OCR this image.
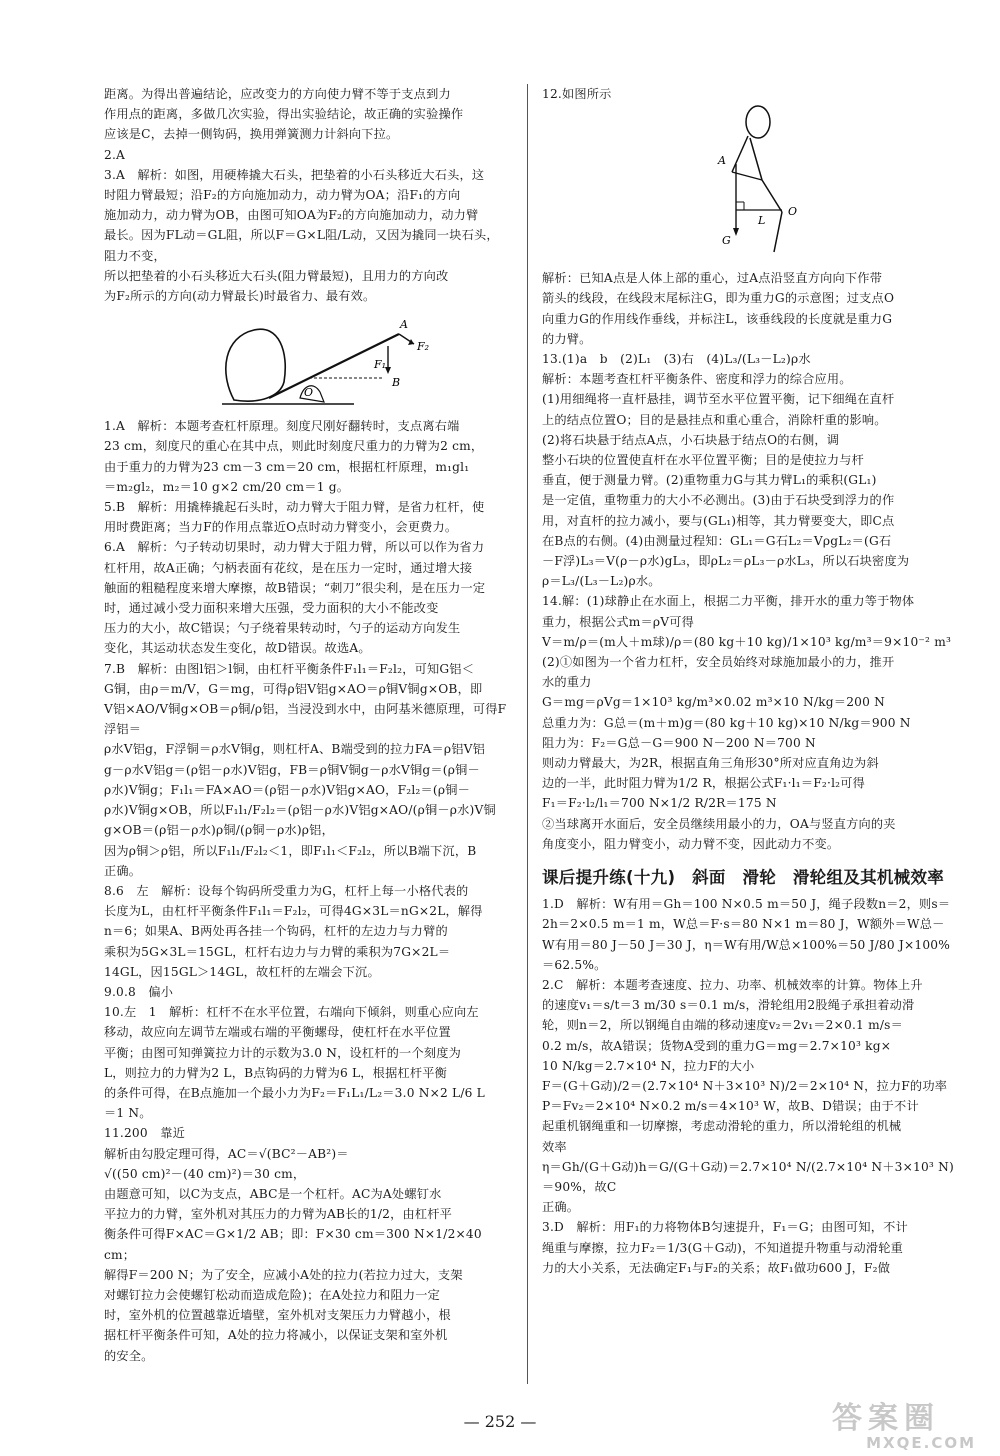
距离。为得出普遍结论，应改变力的方向使力臂不等于支点到力

作用点的距离，多做几次实验，得出实验结论，故正确的实验操作

应该是C，去掉一侧钩码，换用弹簧测力计斜向下拉。

2.A

3.A　解析：如图，用硬棒撬大石头，把垫着的小石头移近大石头，这

时阻力臂最短；沿F₂的方向施加动力，动力臂为OA；沿F₁的方向

施加动力，动力臂为OB，由图可知OA为F₂的方向施加动力，动力臂

最长。因为FL动＝GL阻，所以F＝G×L阻/L动，又因为撬同一块石头，

阻力不变，

所以把垫着的小石头移近大石头(阻力臂最短)，且用力的方向改

为F₂所示的方向(动力臂最长)时最省力、最有效。

A
F₂
F₁
B
O

1.A　解析：本题考查杠杆原理。刻度尺刚好翻转时，支点离右端

23 cm，刻度尺的重心在其中点，则此时刻度尺重力的力臂为2 cm，

由于重力的力臂为23 cm－3 cm＝20 cm，根据杠杆原理，m₁gl₁

＝m₂gl₂，m₂＝10 g×2 cm/20 cm＝1 g。

5.B　解析：用撬棒撬起石头时，动力臂大于阻力臂，是省力杠杆，使

用时费距离；当力F的作用点靠近O点时动力臂变小，会更费力。

6.A　解析：勺子转动切果时，动力臂大于阻力臂，所以可以作为省力

杠杆用，故A正确；勺柄表面有花纹，是在压力一定时，通过增大接

触面的粗糙程度来增大摩擦，故B错误；“刺刀”很尖利，是在压力一定

时，通过减小受力面积来增大压强，受力面积的大小不能改变

压力的大小，故C错误；勺子绕着果转动时，勺子的运动方向发生

变化，其运动状态发生变化，故D错误。故选A。

7.B　解析：由图l铝＞l铜，由杠杆平衡条件F₁l₁＝F₂l₂，可知G铝＜

G铜，由ρ＝m/V，G＝mg，可得ρ铝V铝g×AO＝ρ铜V铜g×OB，即

V铝×AO/V铜g×OB＝ρ铜/ρ铝，当浸没到水中，由阿基米德原理，可得F浮铝＝

ρ水V铝g，F浮铜＝ρ水V铜g，则杠杆A、B端受到的拉力FA＝ρ铝V铝

g－ρ水V铝g＝(ρ铝－ρ水)V铝g，FB＝ρ铜V铜g－ρ水V铜g＝(ρ铜－

ρ水)V铜g；F₁l₁＝FA×AO＝(ρ铝－ρ水)V铝g×AO，F₂l₂＝(ρ铜－

ρ水)V铜g×OB，所以F₁l₁/F₂l₂＝(ρ铝－ρ水)V铝g×AO/(ρ铜－ρ水)V铜g×OB＝(ρ铝－ρ水)ρ铜/(ρ铜－ρ水)ρ铝，

因为ρ铜＞ρ铝，所以F₁l₁/F₂l₂＜1，即F₁l₁＜F₂l₂，所以B端下沉，B

正确。

8.6　左　解析：设每个钩码所受重力为G，杠杆上每一小格代表的

长度为L，由杠杆平衡条件F₁l₁＝F₂l₂，可得4G×3L＝nG×2L，解得

n＝6；如果A、B两处再各挂一个钩码，杠杆的左边力与力臂的

乘积为5G×3L＝15GL，杠杆右边力与力臂的乘积为7G×2L＝

14GL，因15GL＞14GL，故杠杆的左端会下沉。

9.0.8　偏小

10.左　1　解析：杠杆不在水平位置，右端向下倾斜，则重心应向左

移动，故应向左调节左端或右端的平衡螺母，使杠杆在水平位置

平衡；由图可知弹簧拉力计的示数为3.0 N，设杠杆的一个刻度为

L，则拉力的力臂为2 L，B点钩码的力臂为6 L，根据杠杆平衡

的条件可得，在B点施加一个最小力为F₂＝F₁L₁/L₂＝3.0 N×2 L/6 L

＝1 N。

11.200　靠近

解析由勾股定理可得，AC＝√(BC²－AB²)＝

√((50 cm)²－(40 cm)²)＝30 cm，

由题意可知，以C为支点，ABC是一个杠杆。AC为A处螺钉水

平拉力的力臂，室外机对其压力的力臂为AB长的1/2，由杠杆平

衡条件可得F×AC＝G×1/2 AB；即：F×30 cm＝300 N×1/2×40 cm；

解得F＝200 N；为了安全，应减小A处的拉力(若拉力过大，支架

对螺钉拉力会使螺钉松动而造成危险)；在A处拉力和阻力一定

时，室外机的位置越靠近墙壁，室外机对支架压力力臂越小，根

据杠杆平衡条件可知，A处的拉力将减小，以保证支架和室外机

的安全。

12.如图所示

A
L
O
G

解析：已知A点是人体上部的重心，过A点沿竖直方向向下作带

箭头的线段，在线段末尾标注G，即为重力G的示意图；过支点O

向重力G的作用线作垂线，并标注L，该垂线段的长度就是重力G

的力臂。

13.(1)a　b　(2)L₁　(3)右　(4)L₃/(L₃－L₂)ρ水

解析：本题考查杠杆平衡条件、密度和浮力的综合应用。

(1)用细绳将一直杆悬挂，调节至水平位置平衡，记下细绳在直杆

上的结点位置O；目的是悬挂点和重心重合，消除杆重的影响。

(2)将石块悬于结点A点，小石块悬于结点O的右侧，调

整小石块的位置使直杆在水平位置平衡；目的是使拉力与杆

垂直，便于测量力臂。(2)重物重力G与其力臂L₁的乘积(GL₁)

是一定值，重物重力的大小不必测出。(3)由于石块受到浮力的作

用，对直杆的拉力减小，要与(GL₁)相等，其力臂要变大，即C点

在B点的右侧。(4)由测量过程知：GL₁＝G石L₂＝VρgL₂＝(G石

－F浮)L₃＝V(ρ－ρ水)gL₃，即ρL₂＝ρL₃－ρ水L₃，所以石块密度为

ρ＝L₃/(L₃－L₂)ρ水。

14.解：(1)球静止在水面上，根据二力平衡，排开水的重力等于物体

重力，根据公式m＝ρV可得

V＝m/ρ＝(m人＋m球)/ρ＝(80 kg＋10 kg)/1×10³ kg/m³＝9×10⁻² m³

(2)①如图为一个省力杠杆，安全员始终对球施加最小的力，推开

水的重力

G＝mg＝ρVg＝1×10³ kg/m³×0.02 m³×10 N/kg＝200 N

总重力为：G总＝(m＋m)g＝(80 kg＋10 kg)×10 N/kg＝900 N

阻力为：F₂＝G总－G＝900 N－200 N＝700 N

则动力臂最大，为2R，根据直角三角形30°所对应直角边为斜

边的一半，此时阻力臂为1/2 R，根据公式F₁·l₁＝F₂·l₂可得

F₁＝F₂·l₂/l₁＝700 N×1/2 R/2R＝175 N

②当球离开水面后，安全员继续用最小的力，OA与竖直方向的夹

角度变小，阻力臂变小，动力臂不变，因此动力不变。

课后提升练(十九)　斜面　滑轮　滑轮组及其机械效率

1.D　解析：W有用＝Gh＝100 N×0.5 m＝50 J，绳子段数n＝2，则s＝

2h＝2×0.5 m＝1 m，W总＝F·s＝80 N×1 m＝80 J，W额外＝W总－

W有用＝80 J－50 J＝30 J，η＝W有用/W总×100%＝50 J/80 J×100%

＝62.5%。

2.C　解析：本题考查速度、拉力、功率、机械效率的计算。物体上升

的速度v₁＝s/t＝3 m/30 s＝0.1 m/s，滑轮组用2股绳子承担着动滑

轮，则n＝2，所以钢绳自由端的移动速度v₂＝2v₁＝2×0.1 m/s＝

0.2 m/s，故A错误；货物A受到的重力G＝mg＝2.7×10³ kg×

10 N/kg＝2.7×10⁴ N，拉力F的大小

F＝(G＋G动)/2＝(2.7×10⁴ N＋3×10³ N)/2＝2×10⁴ N，拉力F的功率

P＝Fv₂＝2×10⁴ N×0.2 m/s＝4×10³ W，故B、D错误；由于不计

起重机钢绳重和一切摩擦，考虑动滑轮的重力，所以滑轮组的机械

效率

η＝Gh/(G＋G动)h＝G/(G＋G动)＝2.7×10⁴ N/(2.7×10⁴ N＋3×10³ N)＝90%，故C

正确。

3.D　解析：用F₁的力将物体B匀速提升，F₁＝G；由图可知，不计

绳重与摩擦，拉力F₂＝1/3(G＋G动)，不知道提升物重与动滑轮重

力的大小关系，无法确定F₁与F₂的关系；故F₁做功600 J，F₂做

— 252 —	答案圈
MXQE.COM
